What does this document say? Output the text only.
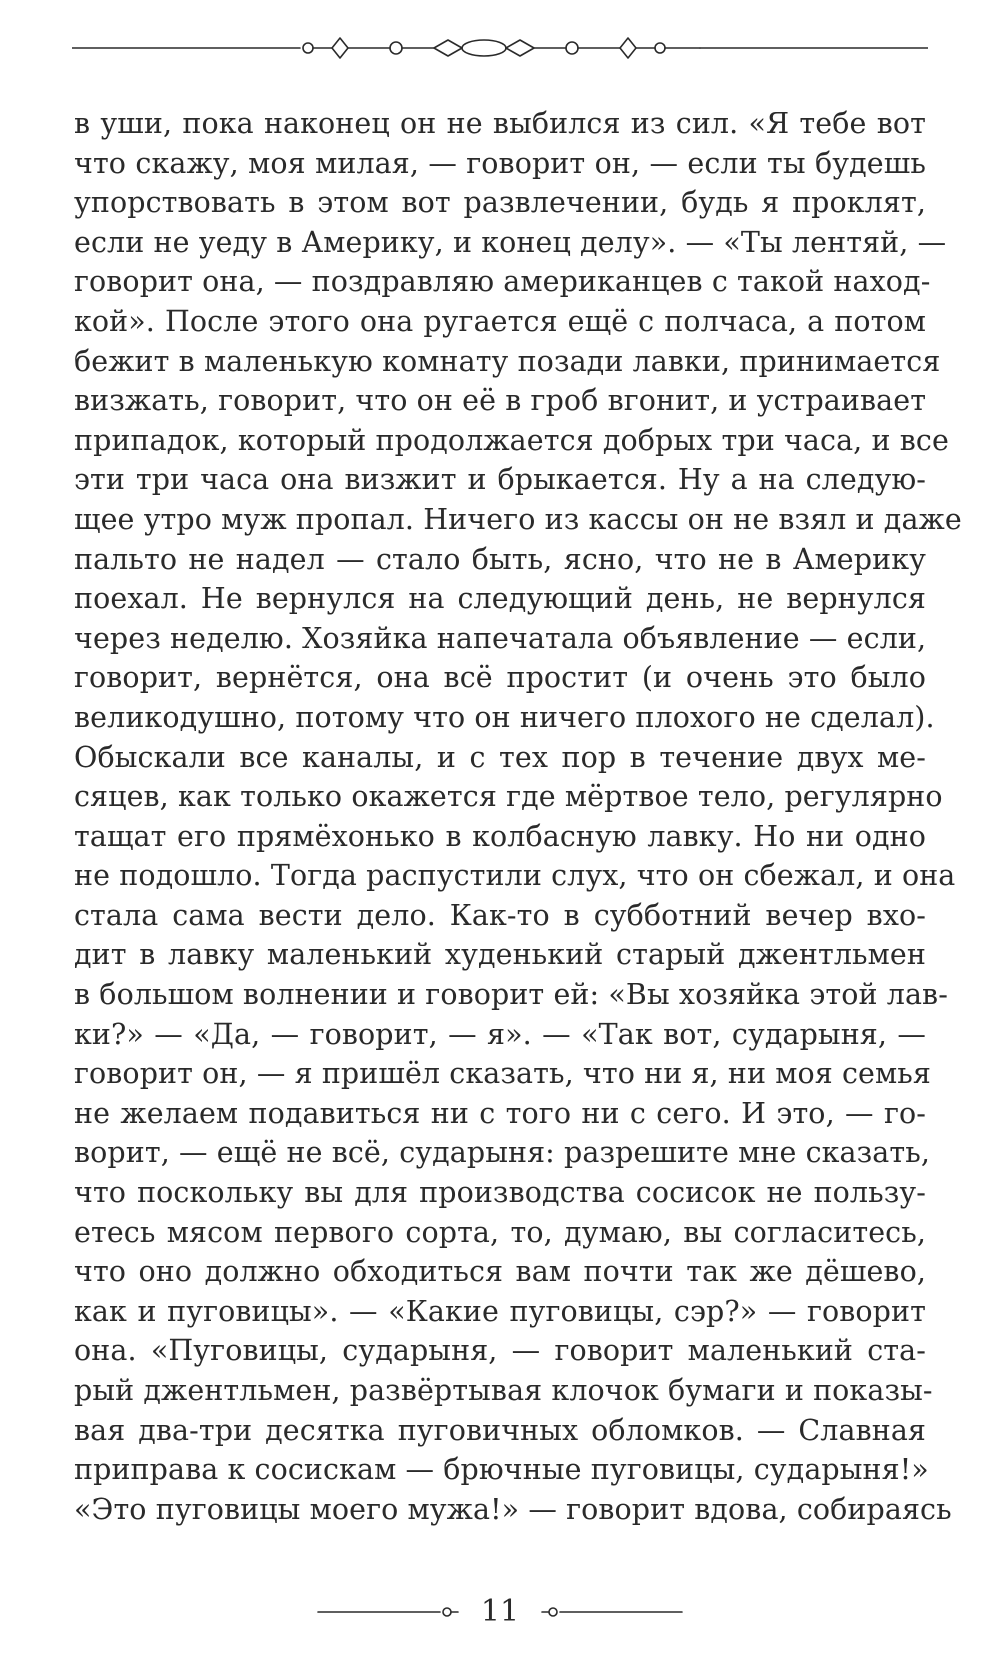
в уши, пока наконец он не выбился из сил. «Я тебе вот
что скажу, моя милая, — говорит он, — если ты будешь
упорствовать в этом вот развлечении, будь я проклят,
если не уеду в Америку, и конец делу». — «Ты лентяй, —
говорит она, — поздравляю американцев с такой наход-
кой». После этого она ругается ещё с полчаса, а потом
бежит в маленькую комнату позади лавки, принимается
визжать, говорит, что он её в гроб вгонит, и устраивает
припадок, который продолжается добрых три часа, и все
эти три часа она визжит и брыкается. Ну а на следую-
щее утро муж пропал. Ничего из кассы он не взял и даже
пальто не надел — стало быть, ясно, что не в Америку
поехал. Не вернулся на следующий день, не вернулся
через неделю. Хозяйка напечатала объявление — если,
говорит, вернётся, она всё простит (и очень это было
великодушно, потому что он ничего плохого не сделал).
Обыскали все каналы, и с тех пор в течение двух ме-
сяцев, как только окажется где мёртвое тело, регулярно
тащат его прямёхонько в колбасную лавку. Но ни одно
не подошло. Тогда распустили слух, что он сбежал, и она
стала сама вести дело. Как-то в субботний вечер вхо-
дит в лавку маленький худенький старый джентльмен
в большом волнении и говорит ей: «Вы хозяйка этой лав-
ки?» — «Да, — говорит, — я». — «Так вот, сударыня, —
говорит он, — я пришёл сказать, что ни я, ни моя семья
не желаем подавиться ни с того ни с сего. И это, — го-
ворит, — ещё не всё, сударыня: разрешите мне сказать,
что поскольку вы для производства сосисок не пользу-
етесь мясом первого сорта, то, думаю, вы согласитесь,
что оно должно обходиться вам почти так же дёшево,
как и пуговицы». — «Какие пуговицы, сэр?» — говорит
она. «Пуговицы, сударыня, — говорит маленький ста-
рый джентльмен, развёртывая клочок бумаги и показы-
вая два-три десятка пуговичных обломков. — Славная
приправа к сосискам — брючные пуговицы, сударыня!»
«Это пуговицы моего мужа!» — говорит вдова, собираясь
11
